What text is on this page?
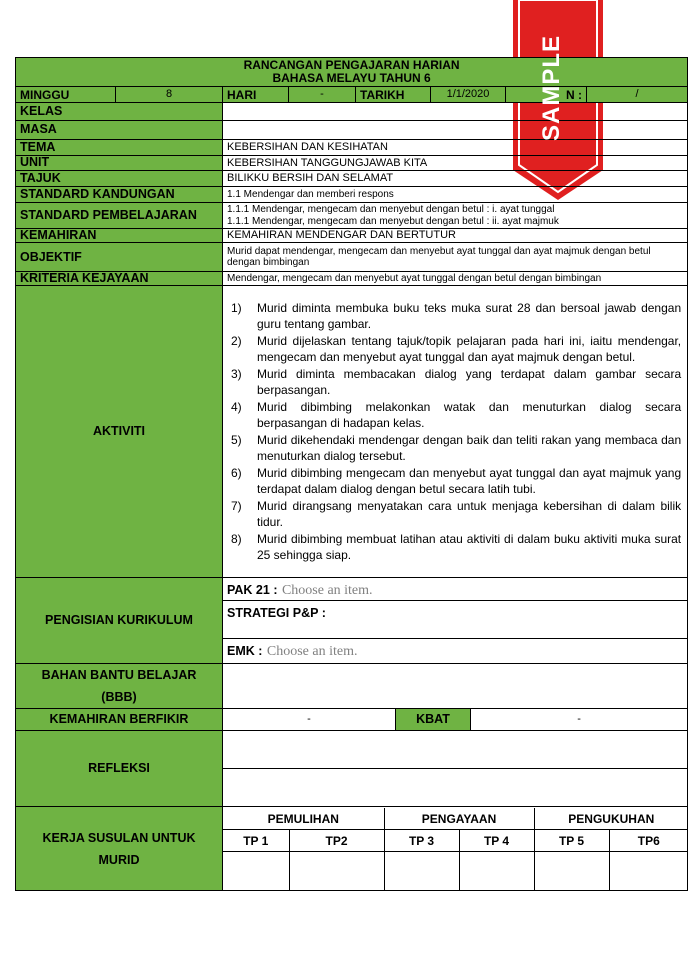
RANCANGAN PENGAJARAN HARIAN
BAHASA MELAYU TAHUN 6

MINGGU	8	HARI	-	TARIKH	1/1/2020	N :	/
KELAS	
MASA	
TEMA	KEBERSIHAN DAN KESIHATAN
UNIT	KEBERSIHAN TANGGUNGJAWAB KITA
TAJUK	BILIKKU BERSIH DAN SELAMAT
STANDARD KANDUNGAN	1.1 Mendengar dan memberi respons
STANDARD PEMBELAJARAN	1.1.1 Mendengar, mengecam dan menyebut dengan betul : i. ayat tunggal
1.1.1 Mendengar, mengecam dan menyebut dengan betul : ii. ayat majmuk

KEMAHIRAN	KEMAHIRAN MENDENGAR DAN BERTUTUR
OBJEKTIF	Murid dapat mendengar, mengecam dan menyebut ayat tunggal dan ayat majmuk dengan betul dengan bimbingan
KRITERIA KEJAYAAN	Mendengar, mengecam dan menyebut ayat tunggal dengan betul dengan bimbingan
AKTIVITI	
1)	Murid diminta membuka buku teks muka surat 28 dan bersoal jawab dengan guru tentang gambar.
2)	Murid dijelaskan tentang tajuk/topik pelajaran pada hari ini, iaitu mendengar, mengecam dan menyebut ayat tunggal dan ayat majmuk dengan betul.
3)	Murid diminta membacakan dialog yang terdapat dalam gambar secara berpasangan.
4)	Murid dibimbing melakonkan watak dan menuturkan dialog secara berpasangan di hadapan kelas.
5)	Murid dikehendaki mendengar dengan baik dan teliti rakan yang membaca dan menuturkan dialog tersebut.
6)	Murid dibimbing mengecam dan menyebut ayat tunggal dan ayat majmuk yang terdapat dalam dialog dengan betul secara latih tubi.
7)	Murid dirangsang menyatakan cara untuk menjaga kebersihan di dalam bilik tidur.
8)	Murid dibimbing membuat latihan atau aktiviti di dalam buku aktiviti muka surat 25 sehingga siap.

PENGISIAN KURIKULUM	PAK 21 : Choose an item.
STRATEGI P&P :
EMK : Choose an item.

BAHAN BANTU BELAJAR
(BBB)

KEMAHIRAN BERFIKIR	-	KBAT	-
REFLEKSI	

KERJA SUSULAN UNTUK
MURID

PEMULIHAN	PENGAYAAN	PENGUKUHAN
TP 1	TP2	TP 3	TP 4	TP 5	TP6

SAMPLE
